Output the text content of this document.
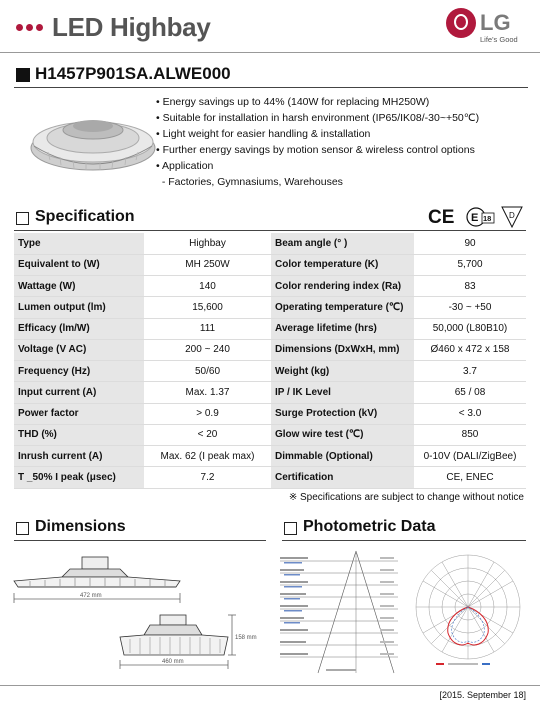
LED Highbay	LG
Life's Good
H1457P901SA.ALWE000
• Energy savings up to 44% (140W for replacing MH250W)
• Suitable for installation in harsh environment (IP65/IK08/-30~+50℃)
• Light weight for easier handling & installation
• Further energy savings by motion sensor & wireless control options
• Application
- Factories, Gymnasiums, Warehouses
Specification	CE E 18 D
Type	Highbay	Beam angle (° )	90
Equivalent to (W)	MH 250W	Color temperature (K)	5,700
Wattage (W)	140	Color rendering index (Ra)	83
Lumen output (lm)	15,600	Operating temperature (℃)	-30 ~ +50
Efficacy (lm/W)	111	Average lifetime (hrs)	50,000 (L80B10)
Voltage (V AC)	200 ~ 240	Dimensions (DxWxH, mm)	Ø460 x 472 x 158
Frequency (Hz)	50/60	Weight (kg)	3.7
Input current (A)	Max. 1.37	IP / IK Level	65 / 08
Power factor	> 0.9	Surge Protection (kV)	< 3.0
THD (%)	< 20	Glow wire test (℃)	850
Inrush current (A)	Max. 62 (I peak max)	Dimmable (Optional)	0-10V (DALI/ZigBee)
T _50% I peak (μsec)	7.2	Certification	CE, ENEC
※ Specifications are subject to change without notice
Dimensions	Photometric Data
472 mm
460 mm
158 mm
[2015. September 18]
